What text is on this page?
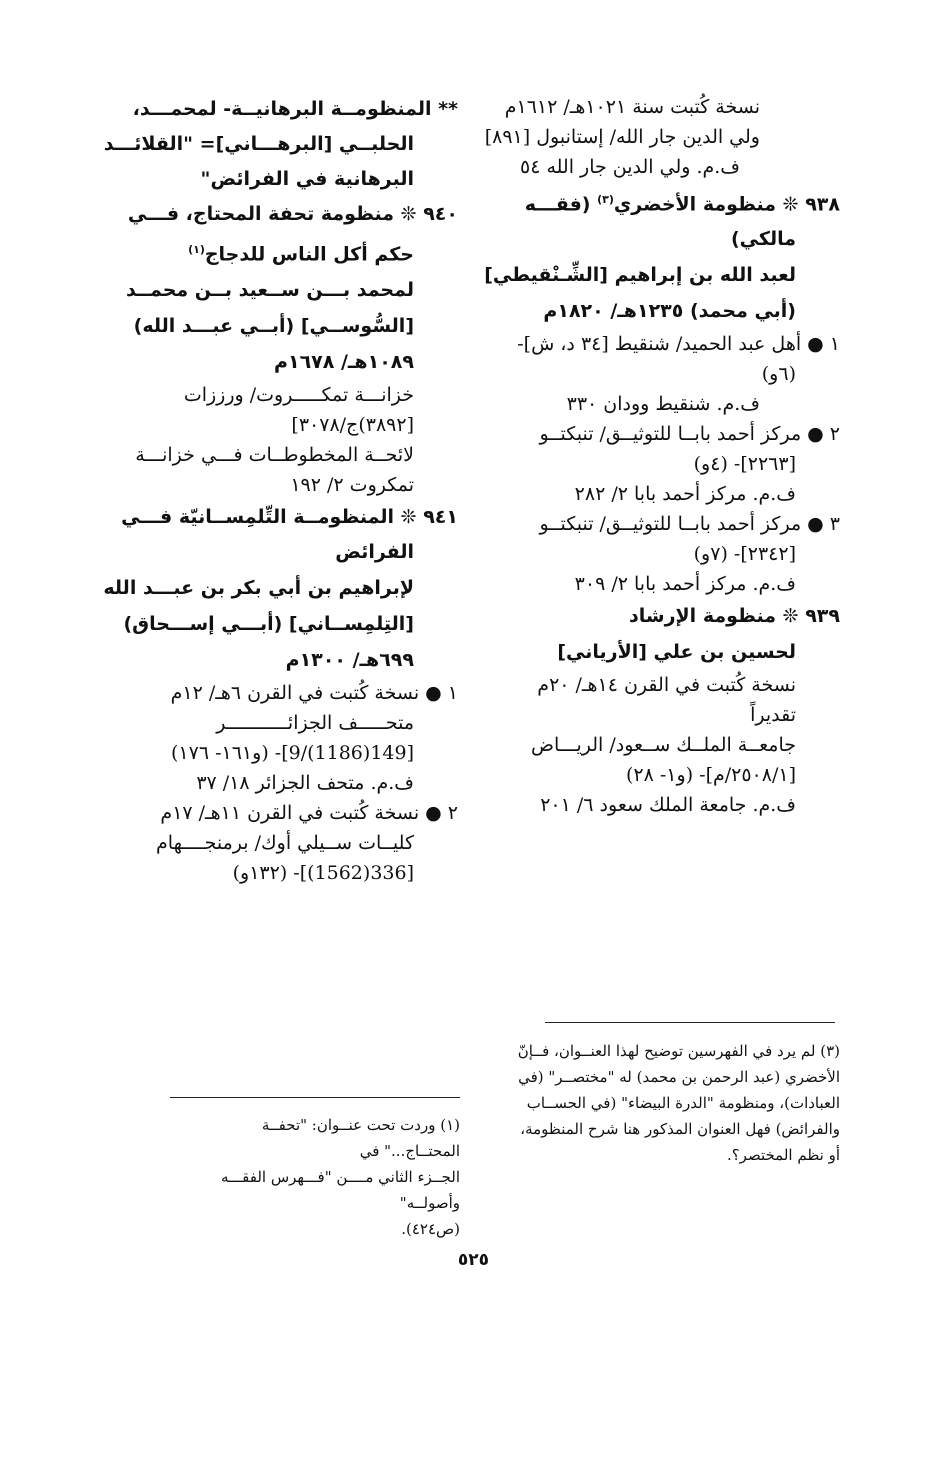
نسخة كُتبت سنة ١٠٢١هـ/ ١٦١٢م
ولي الدين جار الله/ إستانبول [٨٩١]
ف.م. ولي الدين جار الله ٥٤
٩٣٨ ❊ منظومة الأخضري$^{(٣)}$ (فقـــه
مالكي)
لعبد الله بن إبراهيم [الشِّـنْقيطي]
(أبي محمد) ١٢٣٥هـ/ ١٨٢٠م
١ ● أهل عبد الحميد/ شنقيط [٣٤ د، ش]-
(٦و)
ف.م. شنقيط وودان ٣٣٠
٢ ● مركز أحمد بابــا للتوثيــق/ تنبكتــو
[٢٢٦٣]- (٤و)
ف.م. مركز أحمد بابا ٢/ ٢٨٢
٣ ● مركز أحمد بابــا للتوثيــق/ تنبكتــو
[٢٣٤٢]- (٧و)
ف.م. مركز أحمد بابا ٢/ ٣٠٩
٩٣٩ ❊ منظومة الإرشاد
لحسين بن علي [الأرياني]
نسخة كُتبت في القرن ١٤هـ/ ٢٠م
تقديراً
جامعــة الملــك ســعود/ الريـــاض
[٢٥٠٨/١/م]- (و١- ٢٨)
ف.م. جامعة الملك سعود ٦/ ٢٠١
** المنظومــة البرهانيــة- لمحمـــد،
الحلبــي [البرهـــاني]= "القلائـــد
البرهانية في الفرائض"
٩٤٠ ❊ منظومة تحفة المحتاج، فـــي
حكم أكل الناس للدجاج$^{(١)}$
لمحمد بـــن ســعيد بــن محمــد
[السُّوســي] (أبــي عبـــد الله)
١٠٨٩هـ/ ١٦٧٨م
خزانـــة تمكـــــروت/ ورززات
[٣٨٩٢)ج/٣٠٧٨]
لائحــة المخطوطــات فـــي خزانـــة
تمكروت ٢/ ١٩٢
٩٤١ ❊ المنظومــة التِّلمِســانيّة فـــي
الفرائض
لإبراهيم بن أبي بكر بن عبـــد الله
[التِلمِســاني] (أبـــي إســـحاق)
٦٩٩هـ/ ١٣٠٠م
١ ● نسخة كُتبت في القرن ٦هـ/ ١٢م
متحـــــف الجزائـــــــــــر
[149(1186)/9]- (و١٦١- ١٧٦)
ف.م. متحف الجزائر ١٨/ ٣٧
٢ ● نسخة كُتبت في القرن ١١هـ/ ١٧م
كليــات ســيلي أوك/ برمنجــــهام
[336(1562)]- (١٣٢و)
(٣) لم يرد في الفهرسين توضيح لهذا العنــوان، فــإنّ
الأخضري (عبد الرحمن بن محمد) له "مختصــر" (في
العبادات)، ومنظومة "الدرة البيضاء" (في الحســاب
والفرائض) فهل العنوان المذكور هنا شرح المنظومة،
أو نظم المختصر؟.
(١) وردت تحت عنــوان: "تحفــة المحتــاج..." في
الجــزء الثاني مــــن "فـــهرس الفقـــه وأصولــه"
(ص٤٢٤).
٥٢٥
